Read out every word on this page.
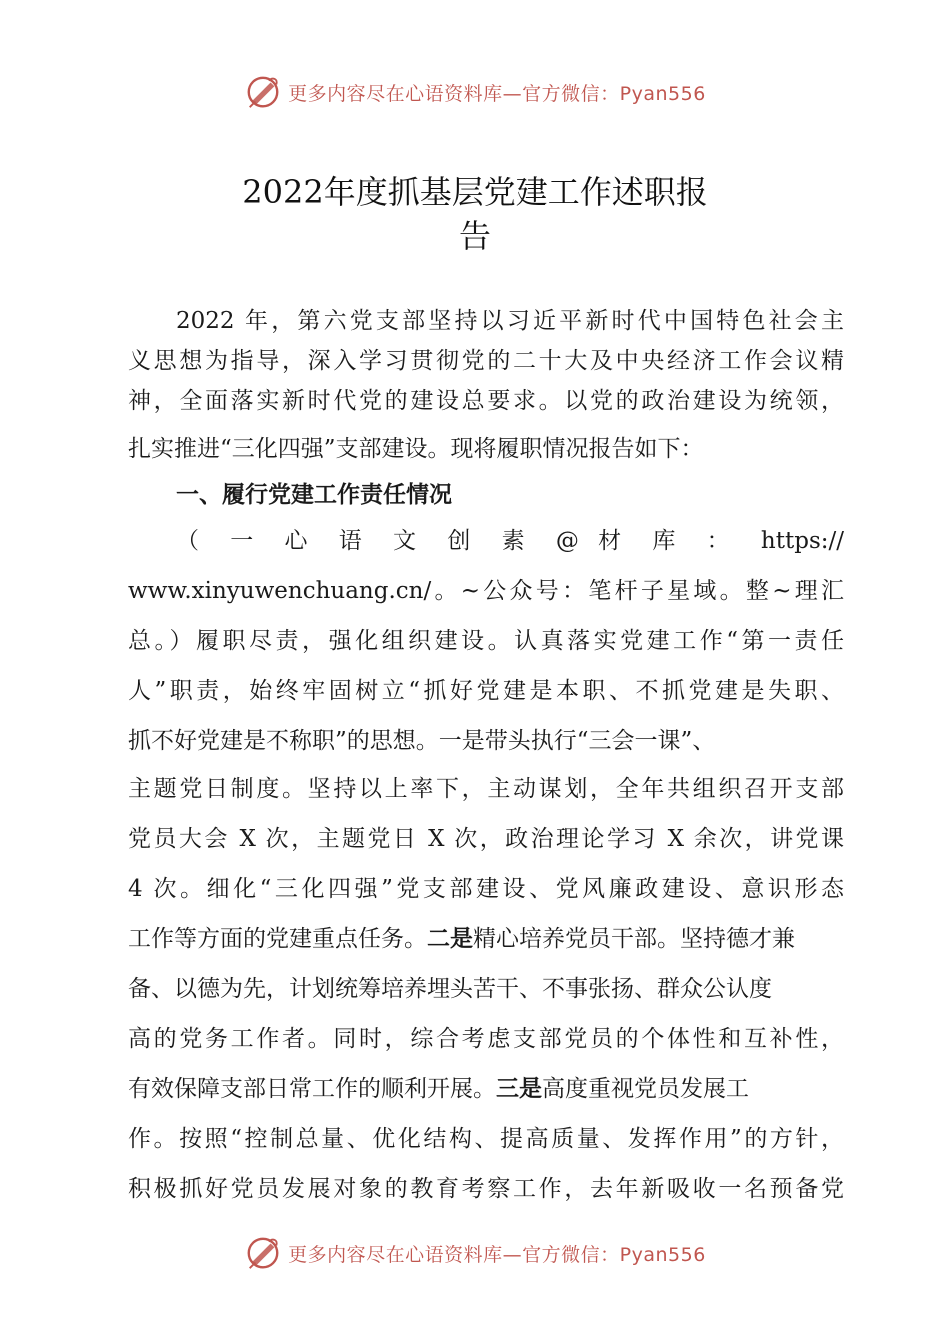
更多内容尽在心语资料库—官方微信：Pyan556
2022年度抓基层党建工作述职报
告
2022 年，第六党支部坚持以习近平新时代中国特色社会主
义思想为指导，深入学习贯彻党的二十大及中央经济工作会议精
神，全面落实新时代党的建设总要求。以党的政治建设为统领，
扎实推进“三化四强”支部建设。现将履职情况报告如下：
一、履行党建工作责任情况
（ 一 心 语 文 创 素 @ 材 库 ： https://
www.xinyuwenchuang.cn/。~公众号：笔杆子星域。整~理汇
总。）履职尽责，强化组织建设。认真落实党建工作“第一责任
人”职责，始终牢固树立“抓好党建是本职、不抓党建是失职、
抓不好党建是不称职”的思想。一是带头执行“三会一课”、
主题党日制度。坚持以上率下，主动谋划，全年共组织召开支部
党员大会 X 次，主题党日 X 次，政治理论学习 X 余次，讲党课
4 次。细化“三化四强”党支部建设、党风廉政建设、意识形态
工作等方面的党建重点任务。二是精心培养党员干部。坚持德才兼
备、以德为先，计划统筹培养埋头苦干、不事张扬、群众公认度
高的党务工作者。同时，综合考虑支部党员的个体性和互补性，
有效保障支部日常工作的顺利开展。三是高度重视党员发展工
作。按照“控制总量、优化结构、提高质量、发挥作用”的方针，
积极抓好党员发展对象的教育考察工作，去年新吸收一名预备党
更多内容尽在心语资料库—官方微信：Pyan556
